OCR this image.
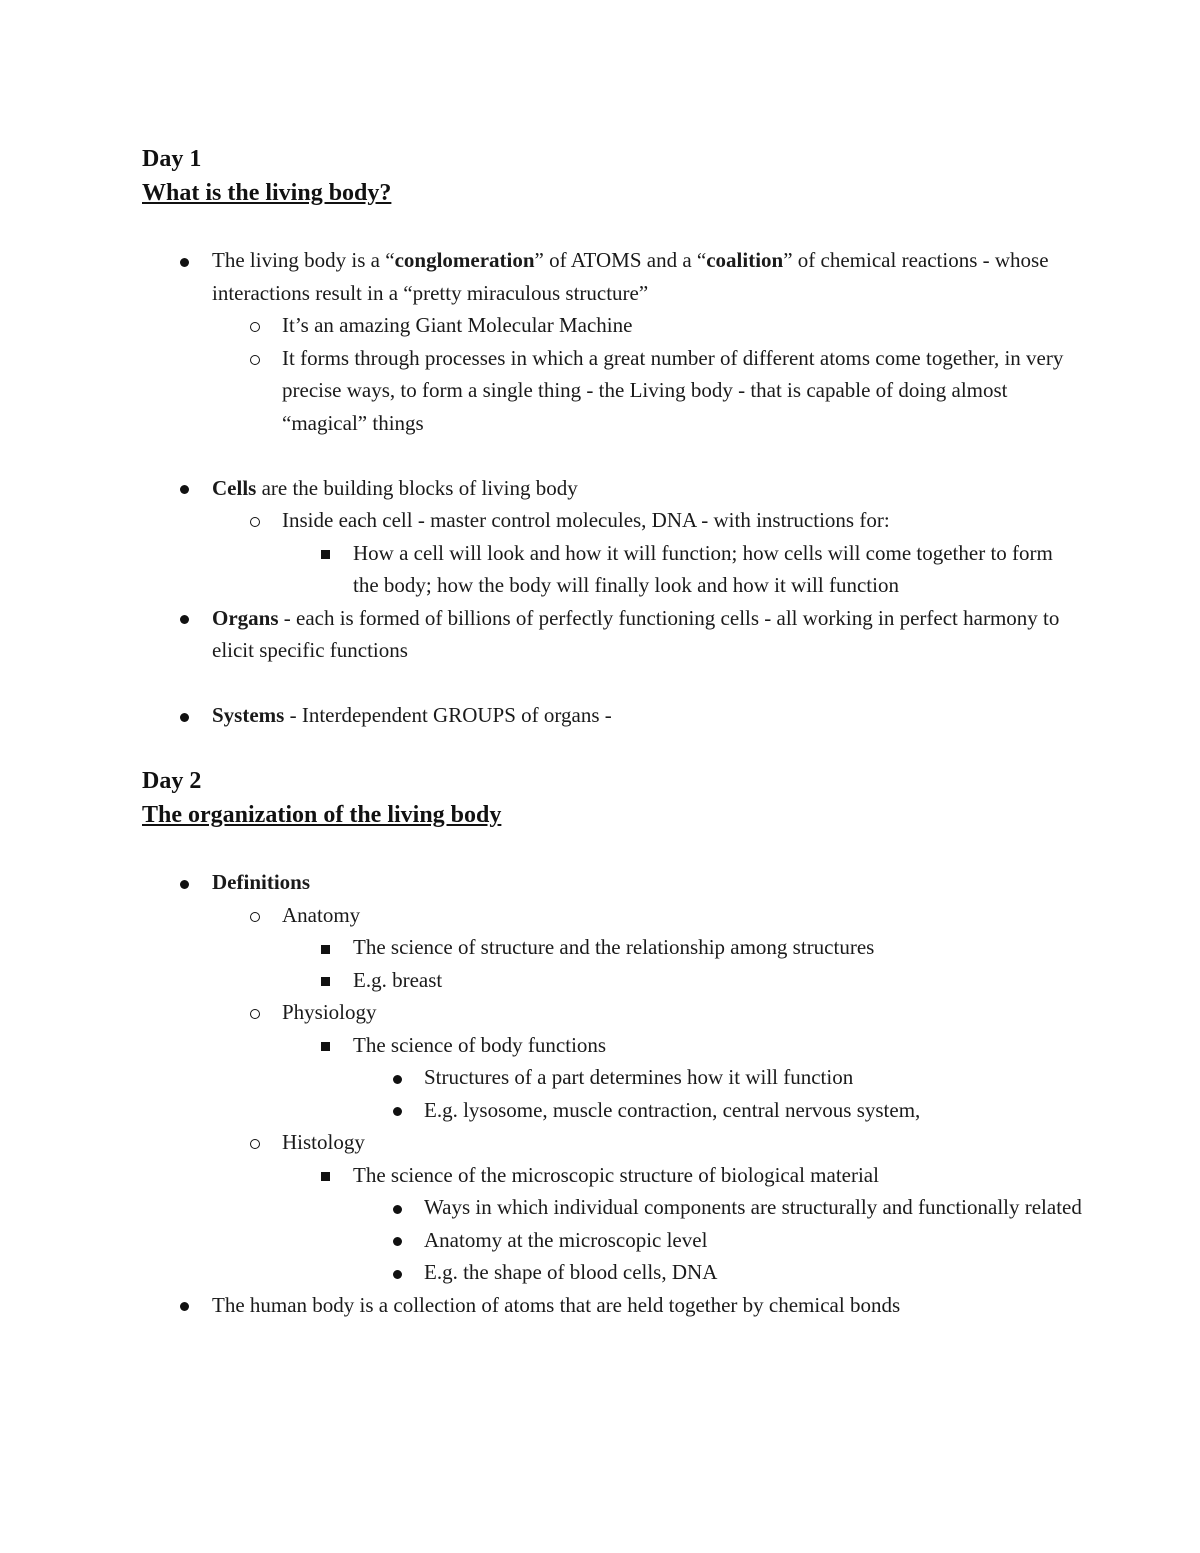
Day 1
What is the living body?
The living body is a “conglomeration” of ATOMS and a “coalition” of chemical reactions - whose interactions result in a “pretty miraculous structure”
It’s an amazing Giant Molecular Machine
It forms through processes in which a great number of different atoms come together, in very precise ways, to form a single thing - the Living body - that is capable of doing almost “magical” things
Cells are the building blocks of living body
Inside each cell - master control molecules, DNA - with instructions for:
How a cell will look and how it will function; how cells will come together to form the body; how the body will finally look and how it will function
Organs - each is formed of billions of perfectly functioning cells - all working in perfect harmony to elicit specific functions
Systems - Interdependent GROUPS of organs -
Day 2
The organization of the living body
Definitions
Anatomy
The science of structure and the relationship among structures
E.g. breast
Physiology
The science of body functions
Structures of a part determines how it will function
E.g. lysosome, muscle contraction, central nervous system,
Histology
The science of the microscopic structure of biological material
Ways in which individual components are structurally and functionally related
Anatomy at the microscopic level
E.g. the shape of blood cells, DNA
The human body is a collection of atoms that are held together by chemical bonds
